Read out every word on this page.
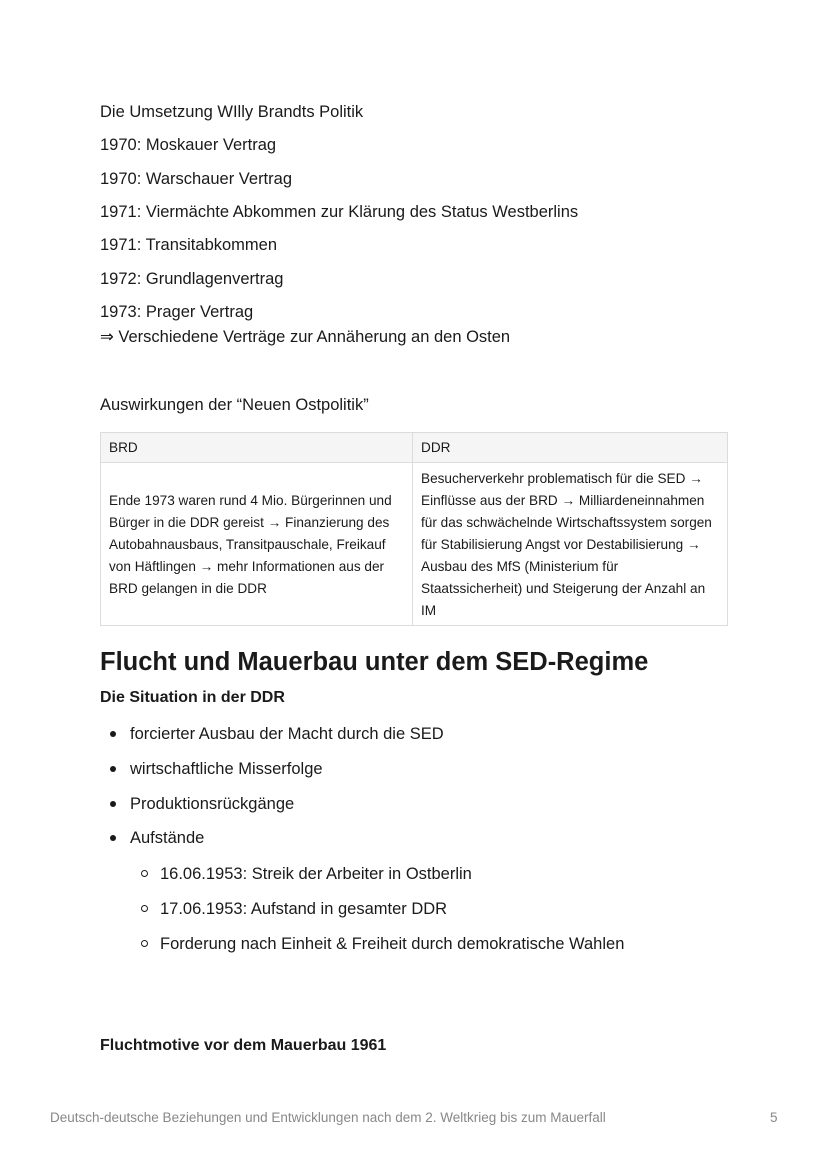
Die Umsetzung WIlly Brandts Politik
1970: Moskauer Vertrag
1970: Warschauer Vertrag
1971: Viermächte Abkommen zur Klärung des Status Westberlins
1971: Transitabkommen
1972: Grundlagenvertrag
1973: Prager Vertrag
⇒ Verschiedene Verträge zur Annäherung an den Osten
Auswirkungen der “Neuen Ostpolitik”
BRD	DDR
Ende 1973 waren rund 4 Mio. Bürgerinnen und Bürger in die DDR gereist → Finanzierung des Autobahnausbaus, Transitpauschale, Freikauf von Häftlingen → mehr Informationen aus der BRD gelangen in die DDR	Besucherverkehr problematisch für die SED → Einflüsse aus der BRD → Milliardeneinnahmen für das schwächelnde Wirtschaftssystem sorgen für Stabilisierung Angst vor Destabilisierung → Ausbau des MfS (Ministerium für Staatssicherheit) und Steigerung der Anzahl an IM
Flucht und Mauerbau unter dem SED-Regime
Die Situation in der DDR
forcierter Ausbau der Macht durch die SED
wirtschaftliche Misserfolge
Produktionsrückgänge
Aufstände
16.06.1953: Streik der Arbeiter in Ostberlin
17.06.1953: Aufstand in gesamter DDR
Forderung nach Einheit & Freiheit durch demokratische Wahlen
Fluchtmotive vor dem Mauerbau 1961
Deutsch-deutsche Beziehungen und Entwicklungen nach dem 2. Weltkrieg bis zum Mauerfall	5
